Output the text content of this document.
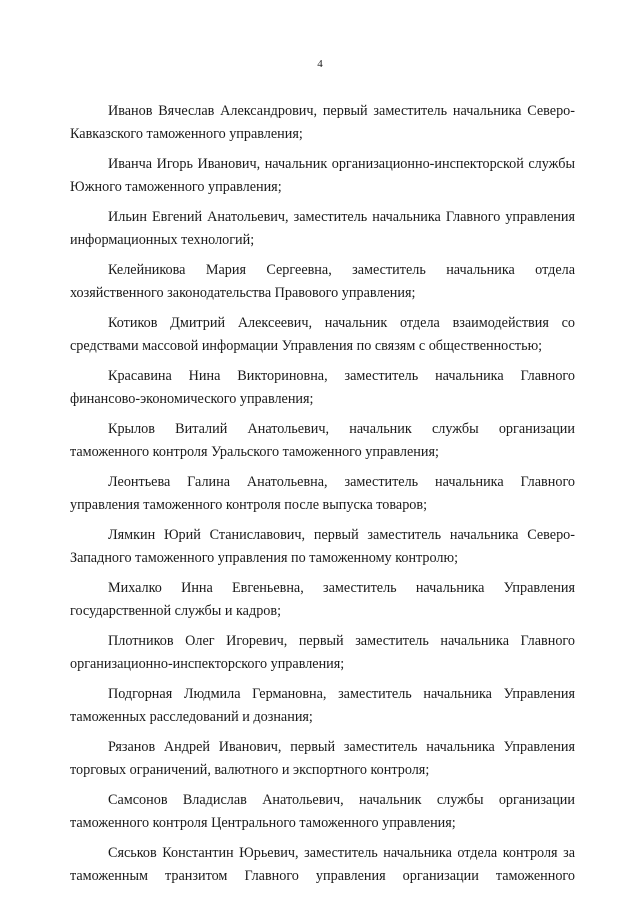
4
Иванов Вячеслав Александрович, первый заместитель начальника Северо-
Кавказского таможенного управления;
Иванча Игорь Иванович, начальник организационно-инспекторской службы
Южного таможенного управления;
Ильин Евгений Анатольевич, заместитель начальника Главного управления
информационных технологий;
Келейникова Мария Сергеевна, заместитель начальника отдела
хозяйственного законодательства Правового управления;
Котиков Дмитрий Алексеевич, начальник отдела взаимодействия со
средствами массовой информации Управления по связям с общественностью;
Красавина Нина Викториновна, заместитель начальника Главного
финансово-экономического управления;
Крылов Виталий Анатольевич, начальник службы организации
таможенного контроля Уральского таможенного управления;
Леонтьева Галина Анатольевна, заместитель начальника Главного
управления таможенного контроля после выпуска товаров;
Лямкин Юрий Станиславович, первый заместитель начальника Северо-
Западного таможенного управления по таможенному контролю;
Михалко Инна Евгеньевна, заместитель начальника Управления
государственной службы и кадров;
Плотников Олег Игоревич, первый заместитель начальника Главного
организационно-инспекторского управления;
Подгорная Людмила Германовна, заместитель начальника Управления
таможенных расследований и дознания;
Рязанов Андрей Иванович, первый заместитель начальника Управления
торговых ограничений, валютного и экспортного контроля;
Самсонов Владислав Анатольевич, начальник службы организации
таможенного контроля Центрального таможенного управления;
Сяськов Константин Юрьевич, заместитель начальника отдела контроля за
таможенным транзитом Главного управления организации таможенного
